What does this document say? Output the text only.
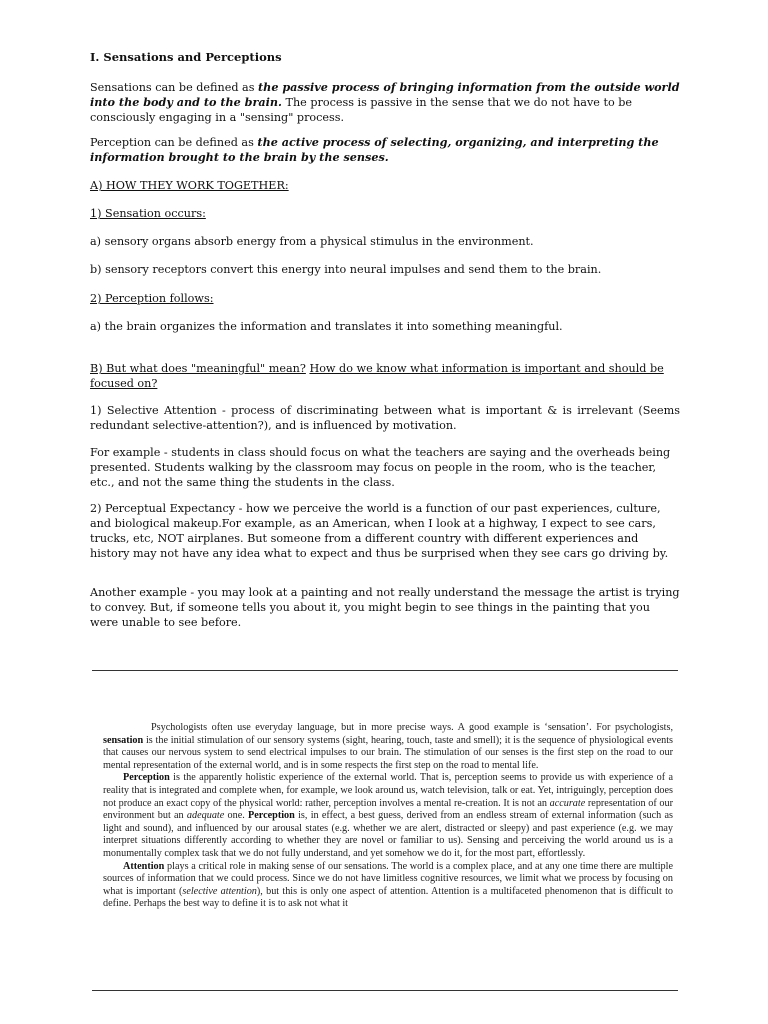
I. Sensations and Perceptions
Sensations can be defined as the passive process of bringing information from the outside world into the body and to the brain. The process is passive in the sense that we do not have to be consciously engaging in a "sensing" process.
Perception can be defined as the active process of selecting, organizing, and interpreting the information brought to the brain by the senses.
A) HOW THEY WORK TOGETHER:
1) Sensation occurs:
a) sensory organs absorb energy from a physical stimulus in the environment.
b) sensory receptors convert this energy into neural impulses and send them to the brain.
2) Perception follows:
a) the brain organizes the information and translates it into something meaningful.
B) But what does "meaningful" mean? How do we know what information is important and should be focused on?
1) Selective Attention - process of discriminating between what is important & is irrelevant (Seems redundant selective-attention?), and is influenced by motivation.
For example - students in class should focus on what the teachers are saying and the overheads being presented. Students walking by the classroom may focus on people in the room, who is the teacher, etc., and not the same thing the students in the class.
2) Perceptual Expectancy - how we perceive the world is a function of our past experiences, culture, and biological makeup.For example, as an American, when I look at a highway, I expect to see cars, trucks, etc, NOT airplanes. But someone from a different country with different experiences and history may not have any idea what to expect and thus be surprised when they see cars go driving by.
Another example - you may look at a painting and not really understand the message the artist is trying to convey. But, if someone tells you about it, you might begin to see things in the painting that you were unable to see before.

Psychologists often use everyday language, but in more precise ways. A good example is ‘sensation’. For psychologists, sensation is the initial stimulation of our sensory systems (sight, hearing, touch, taste and smell); it is the sequence of physiological events that causes our nervous system to send electrical impulses to our brain. The stimulation of our senses is the first step on the road to our mental representation of the external world, and is in some respects the first step on the road to mental life.

Perception is the apparently holistic experience of the external world. That is, perception seems to provide us with experience of a reality that is integrated and complete when, for example, we look around us, watch television, talk or eat. Yet, intriguingly, perception does not produce an exact copy of the physical world: rather, perception involves a mental re-creation. It is not an accurate representation of our environment but an adequate one. Perception is, in effect, a best guess, derived from an endless stream of external information (such as light and sound), and influenced by our arousal states (e.g. whether we are alert, distracted or sleepy) and past experience (e.g. we may interpret situations differently according to whether they are novel or familiar to us). Sensing and perceiving the world around us is a monumentally complex task that we do not fully understand, and yet somehow we do it, for the most part, effortlessly.

Attention plays a critical role in making sense of our sensations. The world is a complex place, and at any one time there are multiple sources of information that we could process. Since we do not have limitless cognitive resources, we limit what we process by focusing on what is important (selective attention), but this is only one aspect of attention. Attention is a multifaceted phenomenon that is difficult to define. Perhaps the best way to define it is to ask not what it
